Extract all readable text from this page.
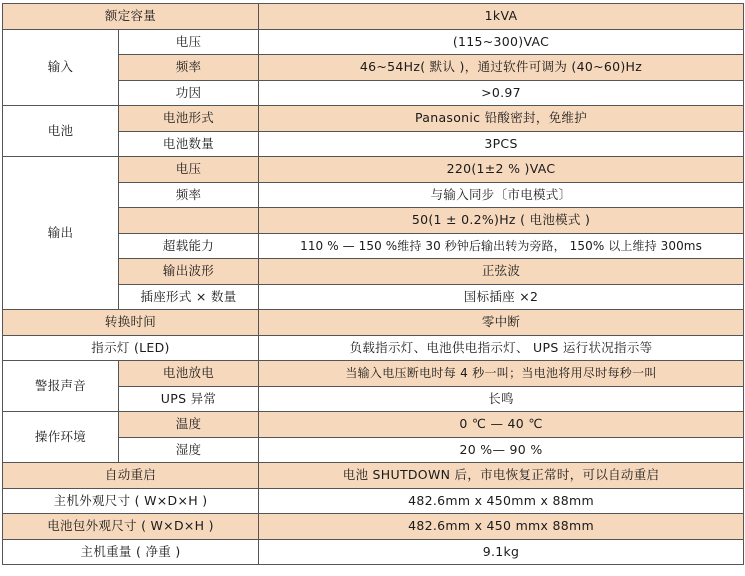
额定容量		1kVA
输入	电压	(115~300)VAC
	频率	46~54Hz( 默认 )，通过软件可调为 (40~60)Hz
	功因	>0.97
电池	电池形式	Panasonic 铅酸密封，免维护
	电池数量	3PCS
输出	电压	220(1±2 % )VAC
	频率	与输入同步〔市电模式〕
		50(1 ± 0.2%)Hz ( 电池模式 )
	超载能力	110 % — 150 %维持 30 秒钟后输出转为旁路， 150% 以上维持 300ms
	输出波形	正弦波
	插座形式 × 数量	国标插座 ×2
转换时间		零中断
指示灯 (LED)		负载指示灯、电池供电指示灯、 UPS 运行状况指示等
警报声音	电池放电	当输入电压断电时每 4 秒一叫；当电池将用尽时每秒一叫
	UPS 异常	长鸣
操作环境	温度	0 ℃ — 40 ℃
	湿度	20 %— 90 %
自动重启		电池 SHUTDOWN 后，市电恢复正常时，可以自动重启
主机外观尺寸 ( W×D×H )		482.6mm x 450mm x 88mm
电池包外观尺寸 ( W×D×H )		482.6mm x 450 mmx 88mm
主机重量 ( 净重 )		9.1kg
